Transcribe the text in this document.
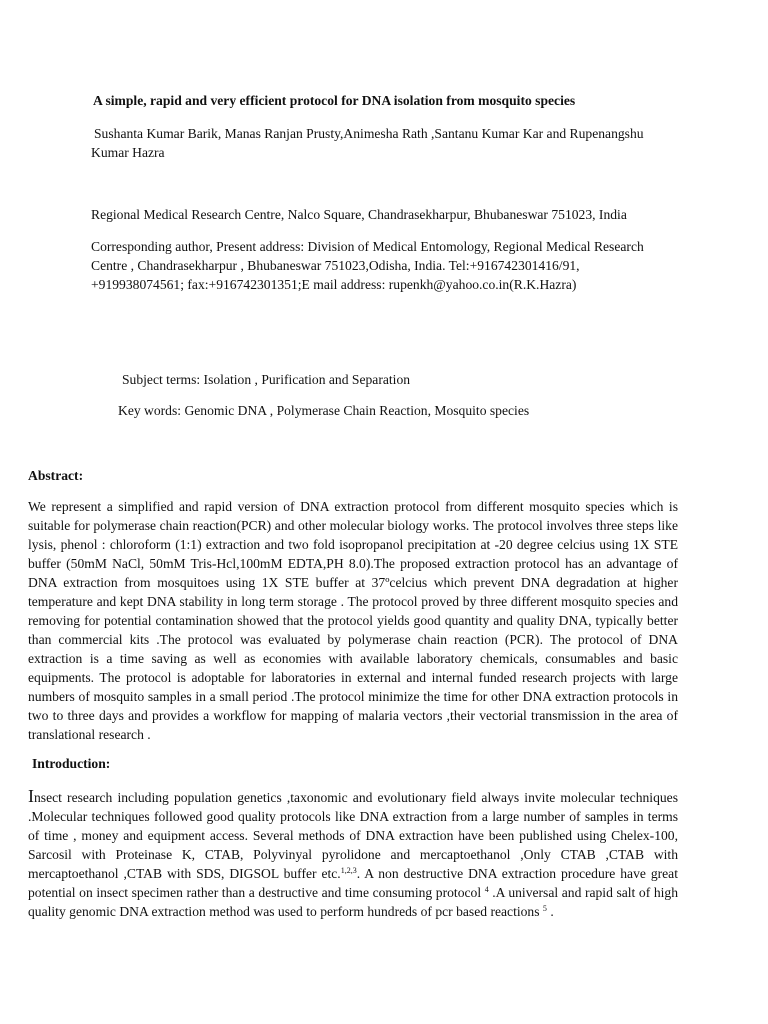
A simple, rapid and very efficient protocol for DNA isolation from mosquito species

Sushanta Kumar Barik, Manas Ranjan Prusty,Animesha Rath ,Santanu Kumar Kar and Rupenangshu Kumar Hazra

Regional Medical Research Centre, Nalco Square, Chandrasekharpur, Bhubaneswar 751023, India

Corresponding author, Present address: Division of Medical Entomology, Regional Medical Research Centre , Chandrasekharpur , Bhubaneswar 751023,Odisha, India. Tel:+916742301416/91, +919938074561; fax:+916742301351;E mail address: rupenkh@yahoo.co.in(R.K.Hazra)

Subject terms: Isolation , Purification and Separation

Key words: Genomic DNA , Polymerase Chain Reaction, Mosquito species

Abstract:

We represent a simplified and rapid version of DNA extraction protocol from different mosquito species which is suitable for polymerase chain reaction(PCR) and other molecular biology works. The protocol involves three steps like lysis, phenol : chloroform (1:1) extraction and two fold isopropanol precipitation at -20 degree celcius using 1X STE buffer (50mM NaCl, 50mM Tris-Hcl,100mM EDTA,PH 8.0).The proposed extraction protocol has an advantage of DNA extraction from mosquitoes using 1X STE buffer at 37ºcelcius which prevent DNA degradation at higher temperature and kept DNA stability in long term storage . The protocol proved by three different mosquito species and removing for potential contamination showed that the protocol yields good quantity and quality DNA, typically better than commercial kits .The protocol was evaluated by polymerase chain reaction (PCR). The protocol of DNA extraction is a time saving as well as economies with available laboratory chemicals, consumables and basic equipments. The protocol is adoptable for laboratories in external and internal funded research projects with large numbers of mosquito samples in a small period .The protocol minimize the time for other DNA extraction protocols in two to three days and provides a workflow for mapping of malaria vectors ,their vectorial transmission in the area of translational research .

Introduction:

Insect research including population genetics ,taxonomic and evolutionary field always invite molecular techniques .Molecular techniques followed good quality protocols like DNA extraction from a large number of samples in terms of time , money and equipment access. Several methods of DNA extraction have been published using Chelex-100, Sarcosil with Proteinase K, CTAB, Polyvinyal pyrolidone and mercaptoethanol ,Only CTAB ,CTAB with mercaptoethanol ,CTAB with SDS, DIGSOL buffer etc.$^{1,2,3}$. A non destructive DNA extraction procedure have great potential on insect specimen rather than a destructive and time consuming protocol $^4$ .A universal and rapid salt of high quality genomic DNA extraction method was used to perform hundreds of pcr based reactions $^5$ .
